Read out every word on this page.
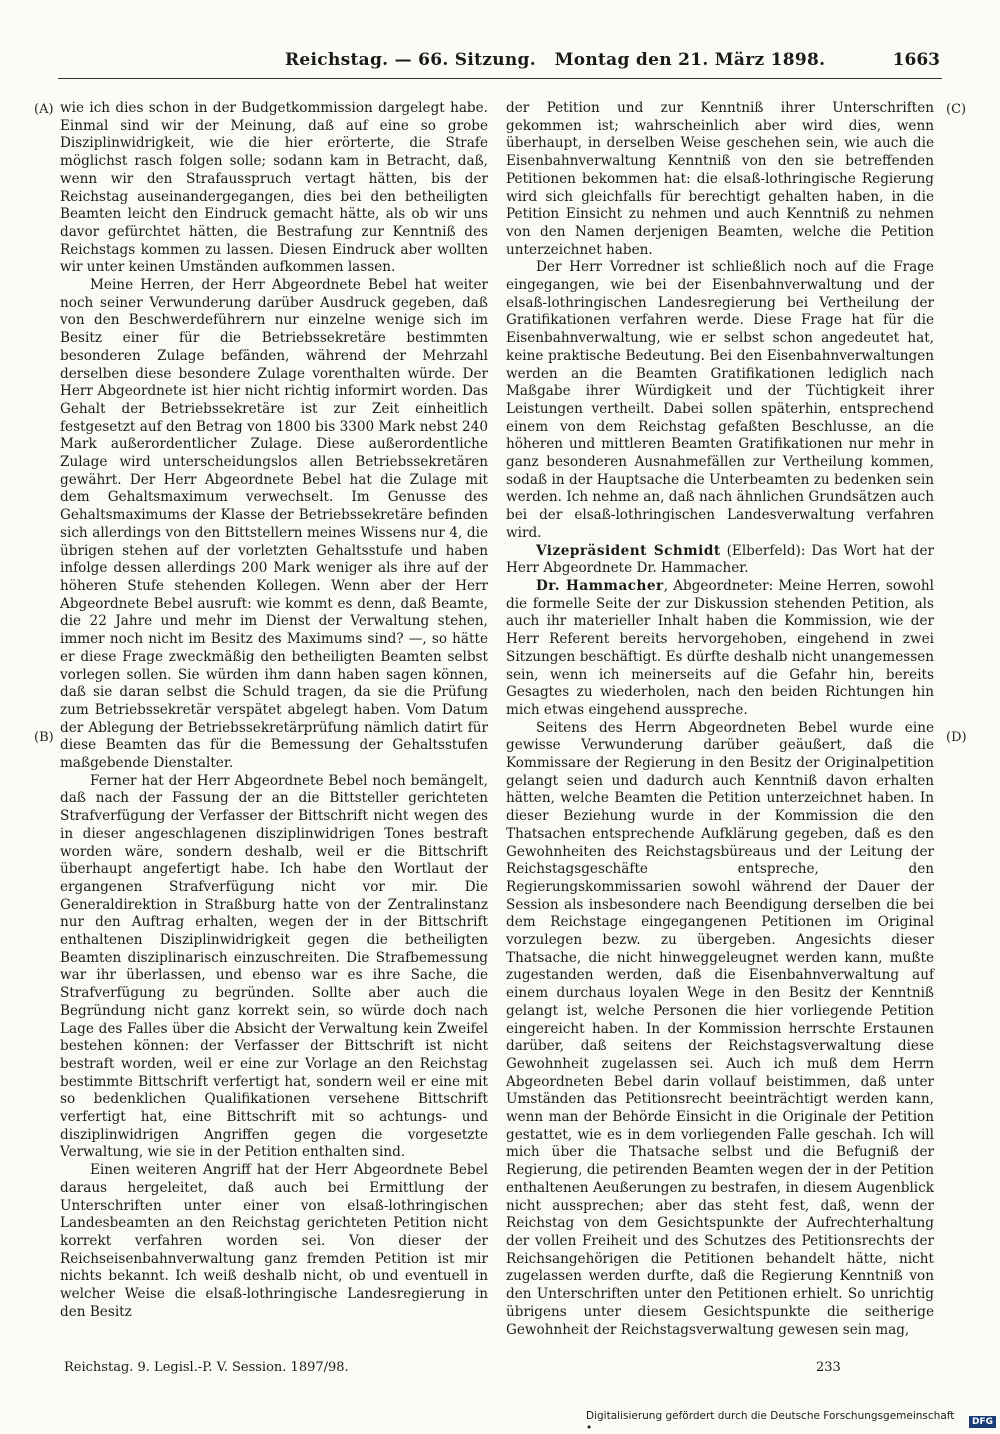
Reichstag. — 66. Sitzung.   Montag den 21. März 1898.	1663
(A)
(B)
(C)
(D)

wie ich dies schon in der Budgetkommission dargelegt habe. Einmal sind wir der Meinung, daß auf eine so grobe Disziplinwidrigkeit, wie die hier erörterte, die Strafe möglichst rasch folgen solle; sodann kam in Betracht, daß, wenn wir den Strafausspruch vertagt hätten, bis der Reichstag auseinandergegangen, dies bei den betheiligten Beamten leicht den Eindruck gemacht hätte, als ob wir uns davor gefürchtet hätten, die Bestrafung zur Kenntniß des Reichstags kommen zu lassen. Diesen Eindruck aber wollten wir unter keinen Umständen aufkommen lassen.

Meine Herren, der Herr Abgeordnete Bebel hat weiter noch seiner Verwunderung darüber Ausdruck gegeben, daß von den Beschwerdeführern nur einzelne wenige sich im Besitz einer für die Betriebssekretäre bestimmten besonderen Zulage befänden, während der Mehrzahl derselben diese besondere Zulage vorenthalten würde. Der Herr Abgeordnete ist hier nicht richtig informirt worden. Das Gehalt der Betriebssekretäre ist zur Zeit einheitlich festgesetzt auf den Betrag von 1800 bis 3300 Mark nebst 240 Mark außerordentlicher Zulage. Diese außerordentliche Zulage wird unterscheidungslos allen Betriebssekretären gewährt. Der Herr Abgeordnete Bebel hat die Zulage mit dem Gehaltsmaximum verwechselt. Im Genusse des Gehaltsmaximums der Klasse der Betriebssekretäre befinden sich allerdings von den Bittstellern meines Wissens nur 4, die übrigen stehen auf der vorletzten Gehaltsstufe und haben infolge dessen allerdings 200 Mark weniger als ihre auf der höheren Stufe stehenden Kollegen. Wenn aber der Herr Abgeordnete Bebel ausruft: wie kommt es denn, daß Beamte, die 22 Jahre und mehr im Dienst der Verwaltung stehen, immer noch nicht im Besitz des Maximums sind? —, so hätte er diese Frage zweckmäßig den betheiligten Beamten selbst vorlegen sollen. Sie würden ihm dann haben sagen können, daß sie daran selbst die Schuld tragen, da sie die Prüfung zum Betriebssekretär verspätet abgelegt haben. Vom Datum der Ablegung der Betriebssekretärprüfung nämlich datirt für diese Beamten das für die Bemessung der Gehaltsstufen maßgebende Dienstalter.

Ferner hat der Herr Abgeordnete Bebel noch bemängelt, daß nach der Fassung der an die Bittsteller gerichteten Strafverfügung der Verfasser der Bittschrift nicht wegen des in dieser angeschlagenen disziplinwidrigen Tones bestraft worden wäre, sondern deshalb, weil er die Bittschrift überhaupt angefertigt habe. Ich habe den Wortlaut der ergangenen Strafverfügung nicht vor mir. Die Generaldirektion in Straßburg hatte von der Zentralinstanz nur den Auftrag erhalten, wegen der in der Bittschrift enthaltenen Disziplinwidrigkeit gegen die betheiligten Beamten disziplinarisch einzuschreiten. Die Strafbemessung war ihr überlassen, und ebenso war es ihre Sache, die Strafverfügung zu begründen. Sollte aber auch die Begründung nicht ganz korrekt sein, so würde doch nach Lage des Falles über die Absicht der Verwaltung kein Zweifel bestehen können: der Verfasser der Bittschrift ist nicht bestraft worden, weil er eine zur Vorlage an den Reichstag bestimmte Bittschrift verfertigt hat, sondern weil er eine mit so bedenklichen Qualifikationen versehene Bittschrift verfertigt hat, eine Bittschrift mit so achtungs- und disziplinwidrigen Angriffen gegen die vorgesetzte Verwaltung, wie sie in der Petition enthalten sind.

Einen weiteren Angriff hat der Herr Abgeordnete Bebel daraus hergeleitet, daß auch bei Ermittlung der Unterschriften unter einer von elsaß-lothringischen Landesbeamten an den Reichstag gerichteten Petition nicht korrekt verfahren worden sei. Von dieser der Reichseisenbahnverwaltung ganz fremden Petition ist mir nichts bekannt. Ich weiß deshalb nicht, ob und eventuell in welcher Weise die elsaß-lothringische Landesregierung in den Besitz

der Petition und zur Kenntniß ihrer Unterschriften gekommen ist; wahrscheinlich aber wird dies, wenn überhaupt, in derselben Weise geschehen sein, wie auch die Eisenbahnverwaltung Kenntniß von den sie betreffenden Petitionen bekommen hat: die elsaß-lothringische Regierung wird sich gleichfalls für berechtigt gehalten haben, in die Petition Einsicht zu nehmen und auch Kenntniß zu nehmen von den Namen derjenigen Beamten, welche die Petition unterzeichnet haben.

Der Herr Vorredner ist schließlich noch auf die Frage eingegangen, wie bei der Eisenbahnverwaltung und der elsaß-lothringischen Landesregierung bei Vertheilung der Gratifikationen verfahren werde. Diese Frage hat für die Eisenbahnverwaltung, wie er selbst schon angedeutet hat, keine praktische Bedeutung. Bei den Eisenbahnverwaltungen werden an die Beamten Gratifikationen lediglich nach Maßgabe ihrer Würdigkeit und der Tüchtigkeit ihrer Leistungen vertheilt. Dabei sollen späterhin, entsprechend einem von dem Reichstag gefaßten Beschlusse, an die höheren und mittleren Beamten Gratifikationen nur mehr in ganz besonderen Ausnahmefällen zur Vertheilung kommen, sodaß in der Hauptsache die Unterbeamten zu bedenken sein werden. Ich nehme an, daß nach ähnlichen Grundsätzen auch bei der elsaß-lothringischen Landesverwaltung verfahren wird.

Vizepräsident Schmidt (Elberfeld): Das Wort hat der Herr Abgeordnete Dr. Hammacher.

Dr. Hammacher, Abgeordneter: Meine Herren, sowohl die formelle Seite der zur Diskussion stehenden Petition, als auch ihr materieller Inhalt haben die Kommission, wie der Herr Referent bereits hervorgehoben, eingehend in zwei Sitzungen beschäftigt. Es dürfte deshalb nicht unangemessen sein, wenn ich meinerseits auf die Gefahr hin, bereits Gesagtes zu wiederholen, nach den beiden Richtungen hin mich etwas eingehend ausspreche.

Seitens des Herrn Abgeordneten Bebel wurde eine gewisse Verwunderung darüber geäußert, daß die Kommissare der Regierung in den Besitz der Originalpetition gelangt seien und dadurch auch Kenntniß davon erhalten hätten, welche Beamten die Petition unterzeichnet haben. In dieser Beziehung wurde in der Kommission die den Thatsachen entsprechende Aufklärung gegeben, daß es den Gewohnheiten des Reichstagsbüreaus und der Leitung der Reichstagsgeschäfte entspreche, den Regierungskommissarien sowohl während der Dauer der Session als insbesondere nach Beendigung derselben die bei dem Reichstage eingegangenen Petitionen im Original vorzulegen bezw. zu übergeben. Angesichts dieser Thatsache, die nicht hinweggeleugnet werden kann, mußte zugestanden werden, daß die Eisenbahnverwaltung auf einem durchaus loyalen Wege in den Besitz der Kenntniß gelangt ist, welche Personen die hier vorliegende Petition eingereicht haben. In der Kommission herrschte Erstaunen darüber, daß seitens der Reichstagsverwaltung diese Gewohnheit zugelassen sei. Auch ich muß dem Herrn Abgeordneten Bebel darin vollauf beistimmen, daß unter Umständen das Petitionsrecht beeinträchtigt werden kann, wenn man der Behörde Einsicht in die Originale der Petition gestattet, wie es in dem vorliegenden Falle geschah. Ich will mich über die Thatsache selbst und die Befugniß der Regierung, die petirenden Beamten wegen der in der Petition enthaltenen Aeußerungen zu bestrafen, in diesem Augenblick nicht aussprechen; aber das steht fest, daß, wenn der Reichstag von dem Gesichtspunkte der Aufrechterhaltung der vollen Freiheit und des Schutzes des Petitionsrechts der Reichsangehörigen die Petitionen behandelt hätte, nicht zugelassen werden durfte, daß die Regierung Kenntniß von den Unterschriften unter den Petitionen erhielt. So unrichtig übrigens unter diesem Gesichtspunkte die seitherige Gewohnheit der Reichstagsverwaltung gewesen sein mag,

Reichstag. 9. Legisl.-P. V. Session. 1897/98.	233
Digitalisierung gefördert durch die Deutsche Forschungsgemeinschaft •	DFG
